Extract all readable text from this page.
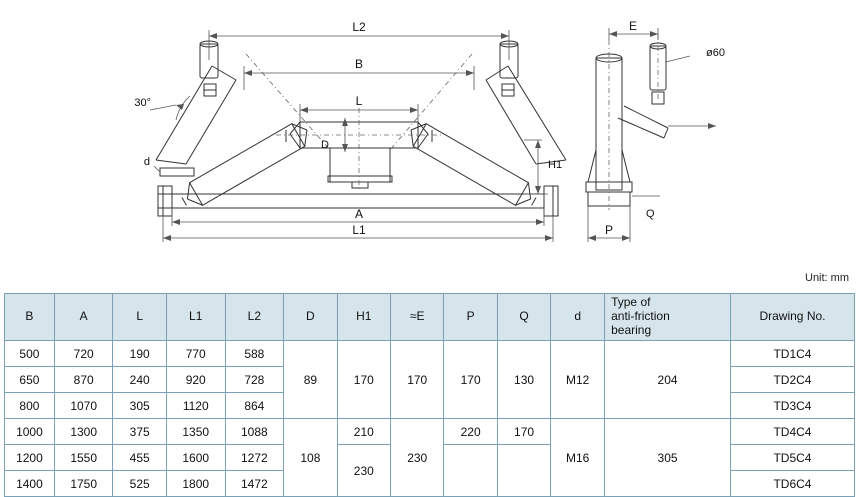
L2
B
L
A
L1
D
30°
d	H1
E
ø60
Q
P
Unit: mm
B	A	L	L1	L2	D	H1	≈E	P	Q	d	Type of
anti-friction
bearing	Drawing No.
500	720	190	770	588	89	170	170	170	130	M12	204	TD1C4
650	870	240	920	728								TD2C4
800	1070	305	1120	864								TD3C4
1000	1300	375	1350	1088	108	210	230	220	170	M16	305	TD4C4
1200	1550	455	1600	1272		230						TD5C4
1400	1750	525	1800	1472								TD6C4
